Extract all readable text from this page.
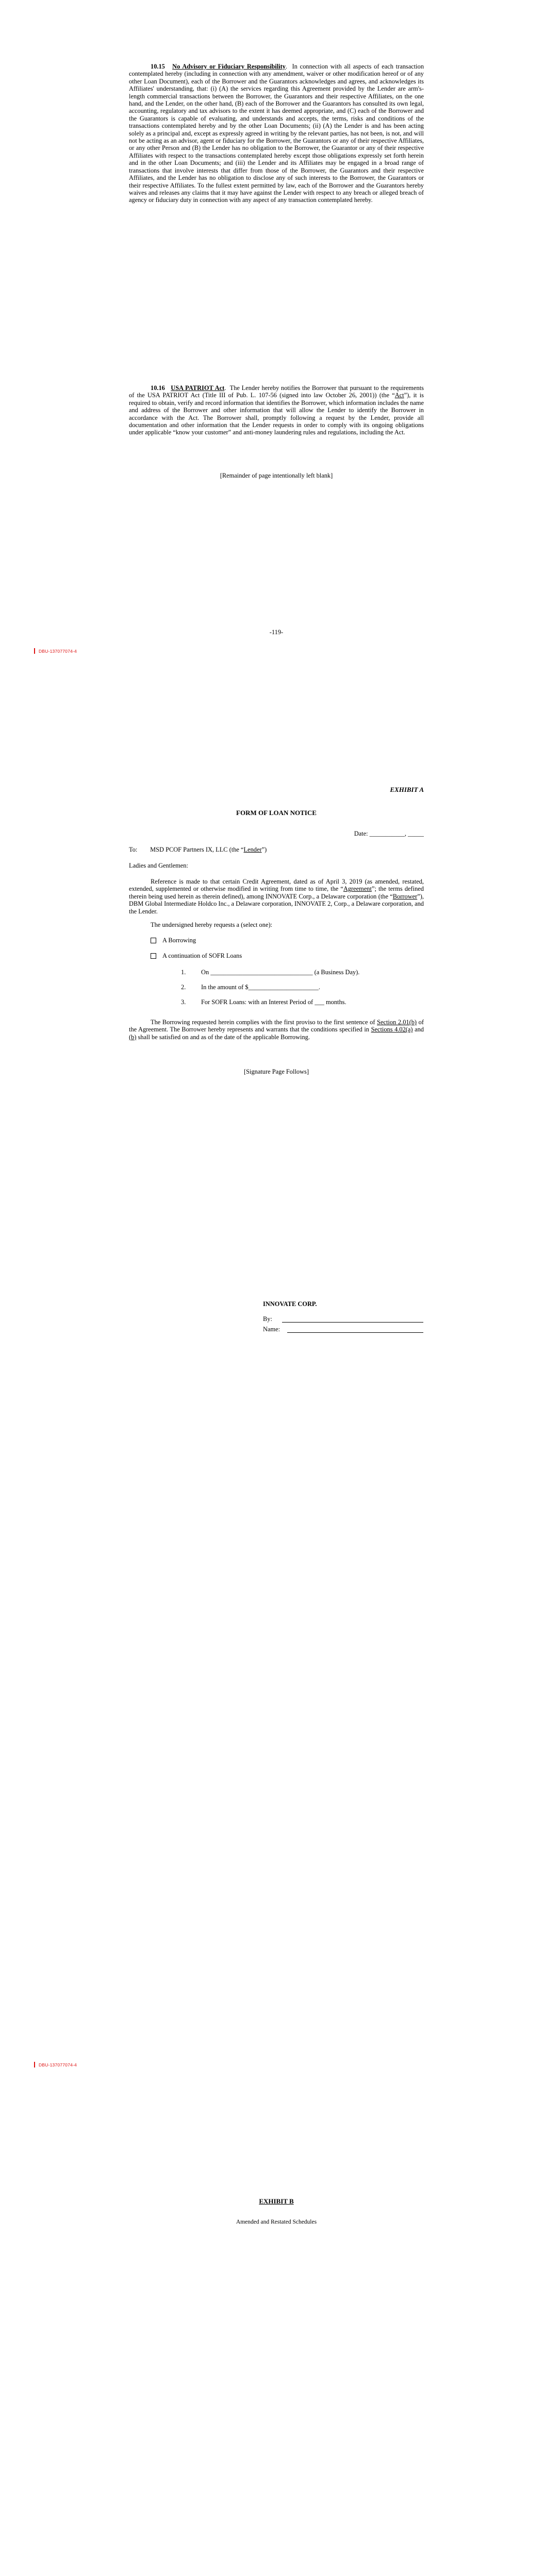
10.15 No Advisory or Fiduciary Responsibility.  In connection with all aspects of each transaction contemplated hereby (including in connection with any amendment, waiver or other modification hereof or of any other Loan Document), each of the Borrower and the Guarantors acknowledges and agrees, and acknowledges its Affiliates' understanding, that: (i) (A) the services regarding this Agreement provided by the Lender are arm's-length commercial transactions between the Borrower, the Guarantors and their respective Affiliates, on the one hand, and the Lender, on the other hand, (B) each of the Borrower and the Guarantors has consulted its own legal, accounting, regulatory and tax advisors to the extent it has deemed appropriate, and (C) each of the Borrower and the Guarantors is capable of evaluating, and understands and accepts, the terms, risks and conditions of the transactions contemplated hereby and by the other Loan Documents; (ii) (A) the Lender is and has been acting solely as a principal and, except as expressly agreed in writing by the relevant parties, has not been, is not, and will not be acting as an advisor, agent or fiduciary for the Borrower, the Guarantors or any of their respective Affiliates, or any other Person and (B) the Lender has no obligation to the Borrower, the Guarantor or any of their respective Affiliates with respect to the transactions contemplated hereby except those obligations expressly set forth herein and in the other Loan Documents; and (iii) the Lender and its Affiliates may be engaged in a broad range of transactions that involve interests that differ from those of the Borrower, the Guarantors and their respective Affiliates, and the Lender has no obligation to disclose any of such interests to the Borrower, the Guarantors or their respective Affiliates. To the fullest extent permitted by law, each of the Borrower and the Guarantors hereby waives and releases any claims that it may have against the Lender with respect to any breach or alleged breach of agency or fiduciary duty in connection with any aspect of any transaction contemplated hereby.

10.16 USA PATRIOT Act.  The Lender hereby notifies the Borrower that pursuant to the requirements of the USA PATRIOT Act (Title III of Pub. L. 107-56 (signed into law October 26, 2001)) (the “Act”), it is required to obtain, verify and record information that identifies the Borrower, which information includes the name and address of the Borrower and other information that will allow the Lender to identify the Borrower in accordance with the Act. The Borrower shall, promptly following a request by the Lender, provide all documentation and other information that the Lender requests in order to comply with its ongoing obligations under applicable “know your customer” and anti-money laundering rules and regulations, including the Act.

[Remainder of page intentionally left blank]
-119-
DBU-137077074-4
EXHIBIT A
FORM OF LOAN NOTICE
Date: ___________, _____
To: MSD PCOF Partners IX, LLC (the “Lender”)
Ladies and Gentlemen:

Reference is made to that certain Credit Agreement, dated as of April 3, 2019 (as amended, restated, extended, supplemented or otherwise modified in writing from time to time, the “Agreement”; the terms defined therein being used herein as therein defined), among INNOVATE Corp., a Delaware corporation (the “Borrower”), DBM Global Intermediate Holdco Inc., a Delaware corporation, INNOVATE 2, Corp., a Delaware corporation, and the Lender.

The undersigned hereby requests a (select one):
A Borrowing
A continuation of SOFR Loans
1. On ________________________________ (a Business Day).
2. In the amount of $______________________.
3. For SOFR Loans: with an Interest Period of ___ months.

The Borrowing requested herein complies with the first proviso to the first sentence of Section 2.01(b) of the Agreement. The Borrower hereby represents and warrants that the conditions specified in Sections 4.02(a) and (b) shall be satisfied on and as of the date of the applicable Borrowing.

[Signature Page Follows]
INNOVATE CORP.
By:
Name:
DBU-137077074-4
EXHIBIT B
Amended and Restated Schedules
